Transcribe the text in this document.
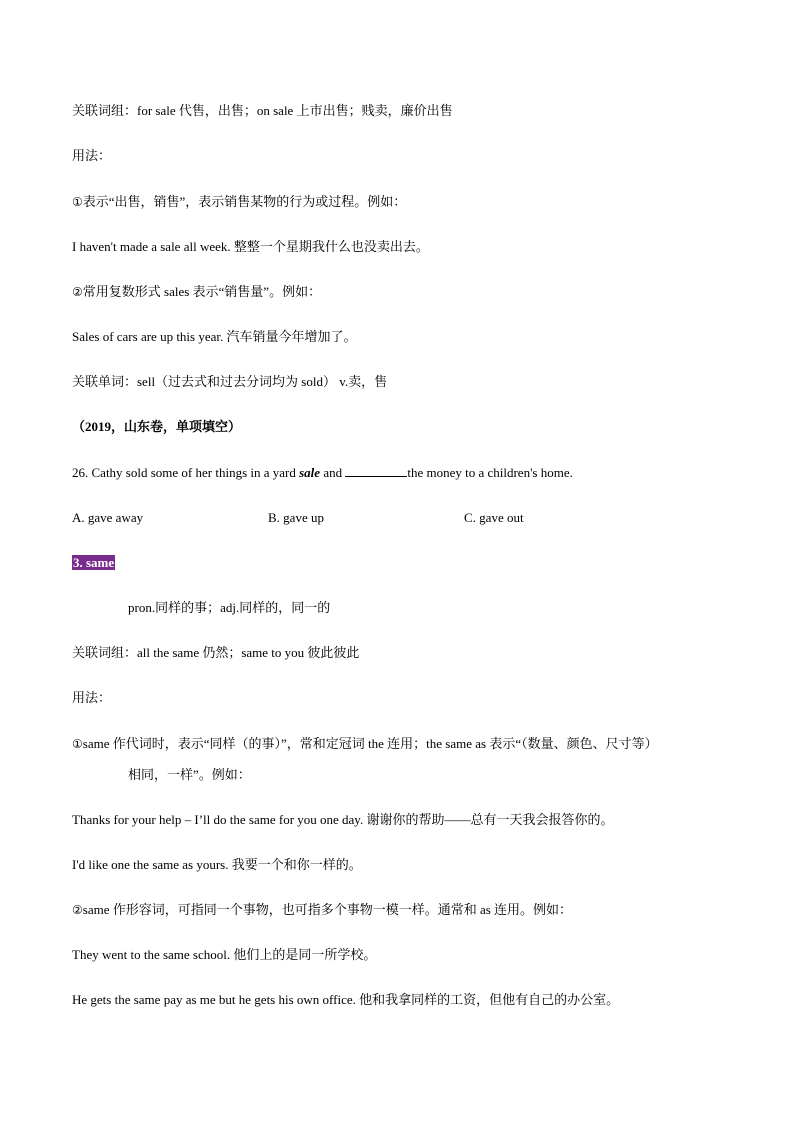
关联词组：for sale 代售，出售；on sale 上市出售；贱卖，廉价出售
用法：
①表示“出售，销售”，表示销售某物的行为或过程。例如：
I haven't made a sale all week. 整整一个星期我什么也没卖出去。
②常用复数形式 sales 表示“销售量”。例如：
Sales of cars are up this year. 汽车销量今年增加了。
关联单词：sell（过去式和过去分词均为 sold） v.卖，售
（2019，山东卷，单项填空）
26. Cathy sold some of her things in a yard sale and	the money to a children's home.
A. gave away	B. gave up	C. gave out
3. same
pron.同样的事；adj.同样的，同一的
关联词组：all the same 仍然；same to you 彼此彼此
用法：
①same 作代词时，表示“同样（的事）”，常和定冠词 the 连用；the same as 表示“（数量、颜色、尺寸等）
相同，一样”。例如：
Thanks for your help – I’ll do the same for you one day. 谢谢你的帮助——总有一天我会报答你的。
I'd like one the same as yours. 我要一个和你一样的。
②same 作形容词，可指同一个事物，也可指多个事物一模一样。通常和 as 连用。例如：
They went to the same school. 他们上的是同一所学校。
He gets the same pay as me but he gets his own office. 他和我拿同样的工资，但他有自己的办公室。
